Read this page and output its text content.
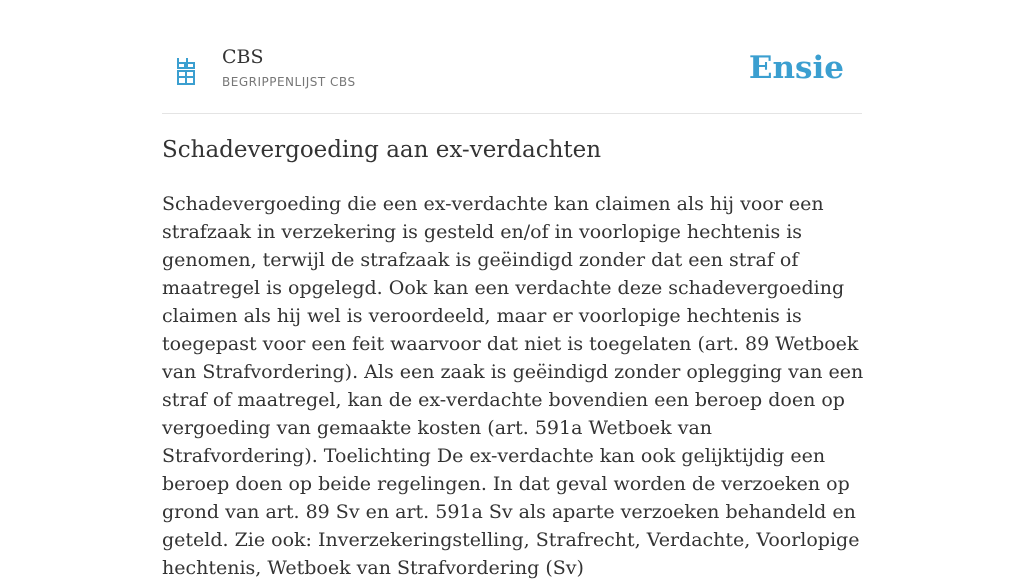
CBS
BEGRIPPENLIJST CBS	Ensie
Schadevergoeding aan ex-verdachten

Schadevergoeding die een ex-verdachte kan claimen als hij voor een strafzaak in verzekering is gesteld en/of in voorlopige hechtenis is genomen, terwijl de strafzaak is geëindigd zonder dat een straf of maatregel is opgelegd. Ook kan een verdachte deze schadevergoeding claimen als hij wel is veroordeeld, maar er voorlopige hechtenis is toegepast voor een feit waarvoor dat niet is toegelaten (art. 89 Wetboek van Strafvordering). Als een zaak is geëindigd zonder oplegging van een straf of maatregel, kan de ex-verdachte bovendien een beroep doen op vergoeding van gemaakte kosten (art. 591a Wetboek van Strafvordering). Toelichting De ex-verdachte kan ook gelijktijdig een beroep doen op beide regelingen. In dat geval worden de verzoeken op grond van art. 89 Sv en art. 591a Sv als aparte verzoeken behandeld en geteld. Zie ook: Inverzekeringstelling, Strafrecht, Verdachte, Voorlopige hechtenis, Wetboek van Strafvordering (Sv)
